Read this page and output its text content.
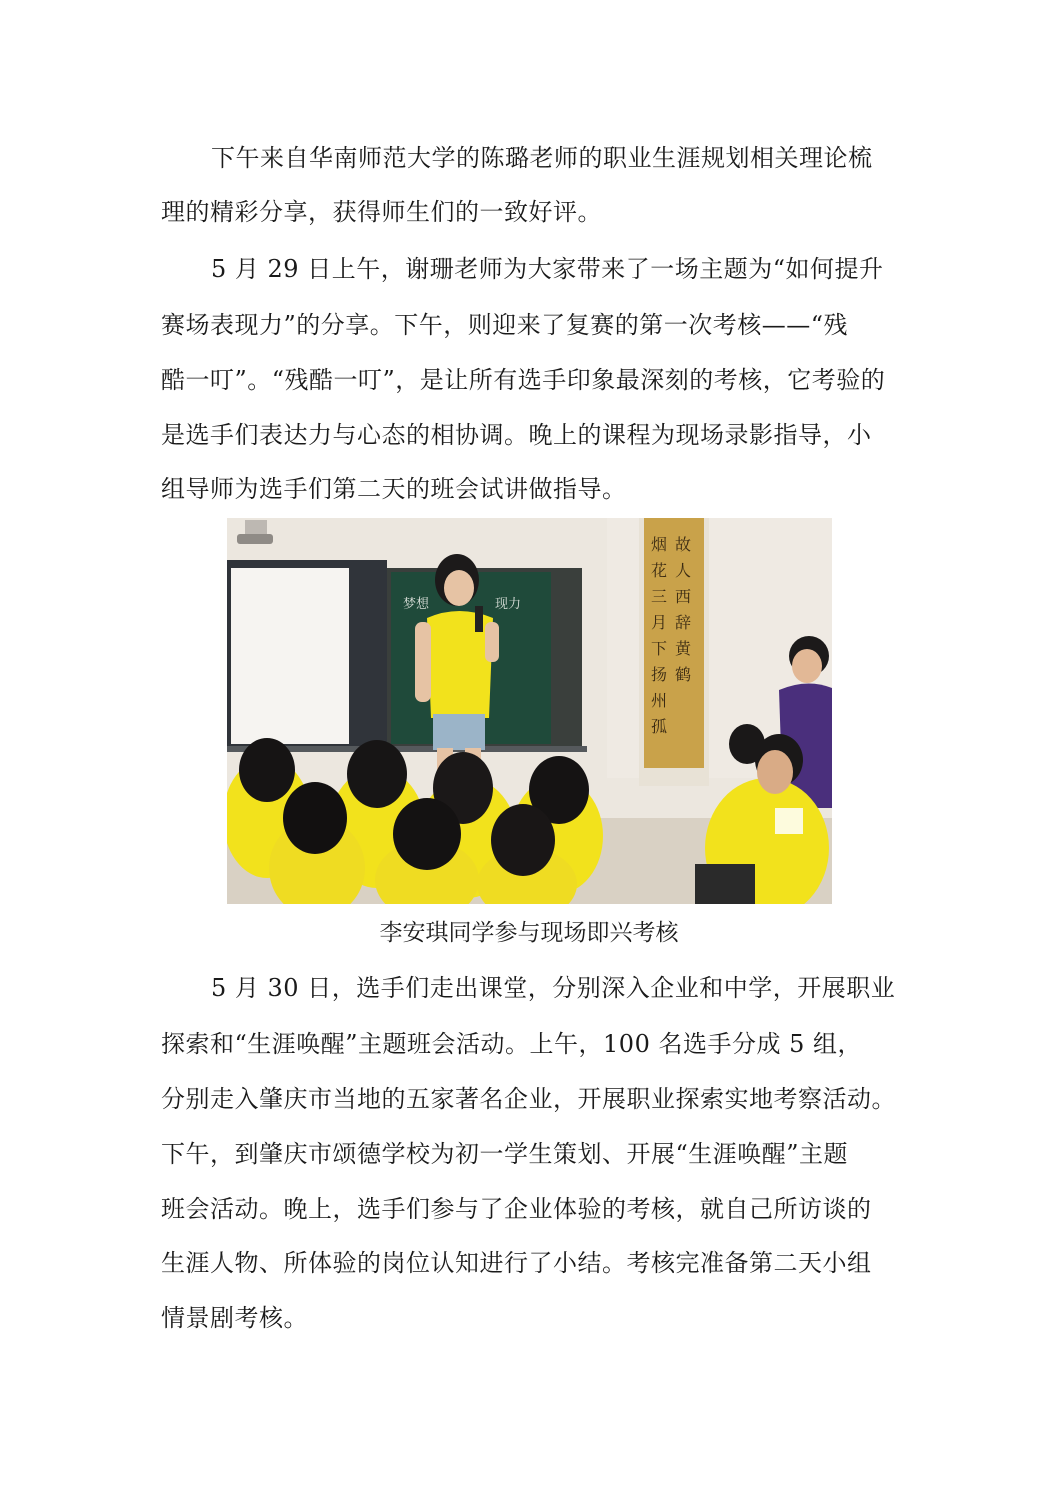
下午来自华南师范大学的陈璐老师的职业生涯规划相关理论梳
理的精彩分享，获得师生们的一致好评。
5 月 29 日上午，谢珊老师为大家带来了一场主题为“如何提升
赛场表现力”的分享。下午，则迎来了复赛的第一次考核——“残
酷一叮”。“残酷一叮”，是让所有选手印象最深刻的考核，它考验的
是选手们表达力与心态的相协调。晚上的课程为现场录影指导，小
组导师为选手们第二天的班会试讲做指导。
梦想	现力
故
人
西
辞
黄
鹤
烟
花
三
月
下
扬
州
孤
李安琪同学参与现场即兴考核
5 月 30 日，选手们走出课堂，分别深入企业和中学，开展职业
探索和“生涯唤醒”主题班会活动。上午，100 名选手分成 5 组，
分别走入肇庆市当地的五家著名企业，开展职业探索实地考察活动。
下午，到肇庆市颂德学校为初一学生策划、开展“生涯唤醒”主题
班会活动。晚上，选手们参与了企业体验的考核，就自己所访谈的
生涯人物、所体验的岗位认知进行了小结。考核完准备第二天小组
情景剧考核。
